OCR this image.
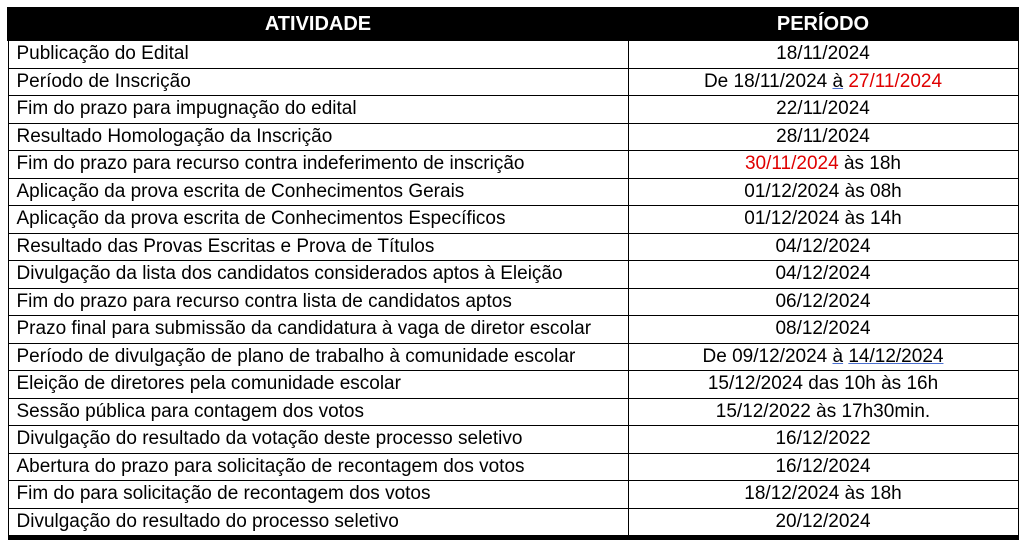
ATIVIDADE	PERÍODO
Publicação do Edital	18/11/2024
Período de Inscrição	De 18/11/2024 à 27/11/2024
Fim do prazo para impugnação do edital	22/11/2024
Resultado Homologação da Inscrição	28/11/2024
Fim do prazo para recurso contra indeferimento de inscrição	30/11/2024 às 18h
Aplicação da prova escrita de Conhecimentos Gerais	01/12/2024 às 08h
Aplicação da prova escrita de Conhecimentos Específicos	01/12/2024 às 14h
Resultado das Provas Escritas e Prova de Títulos	04/12/2024
Divulgação da lista dos candidatos considerados aptos à Eleição	04/12/2024
Fim do prazo para recurso contra lista de candidatos aptos	06/12/2024
Prazo final para submissão da candidatura à vaga de diretor escolar	08/12/2024
Período de divulgação de plano de trabalho à comunidade escolar	De 09/12/2024 à 14/12/2024
Eleição de diretores pela comunidade escolar	15/12/2024 das 10h às 16h
Sessão pública para contagem dos votos	15/12/2022 às 17h30min.
Divulgação do resultado da votação deste processo seletivo	16/12/2022
Abertura do prazo para solicitação de recontagem dos votos	16/12/2024
Fim do para solicitação de recontagem dos votos	18/12/2024 às 18h
Divulgação do resultado do processo seletivo	20/12/2024
